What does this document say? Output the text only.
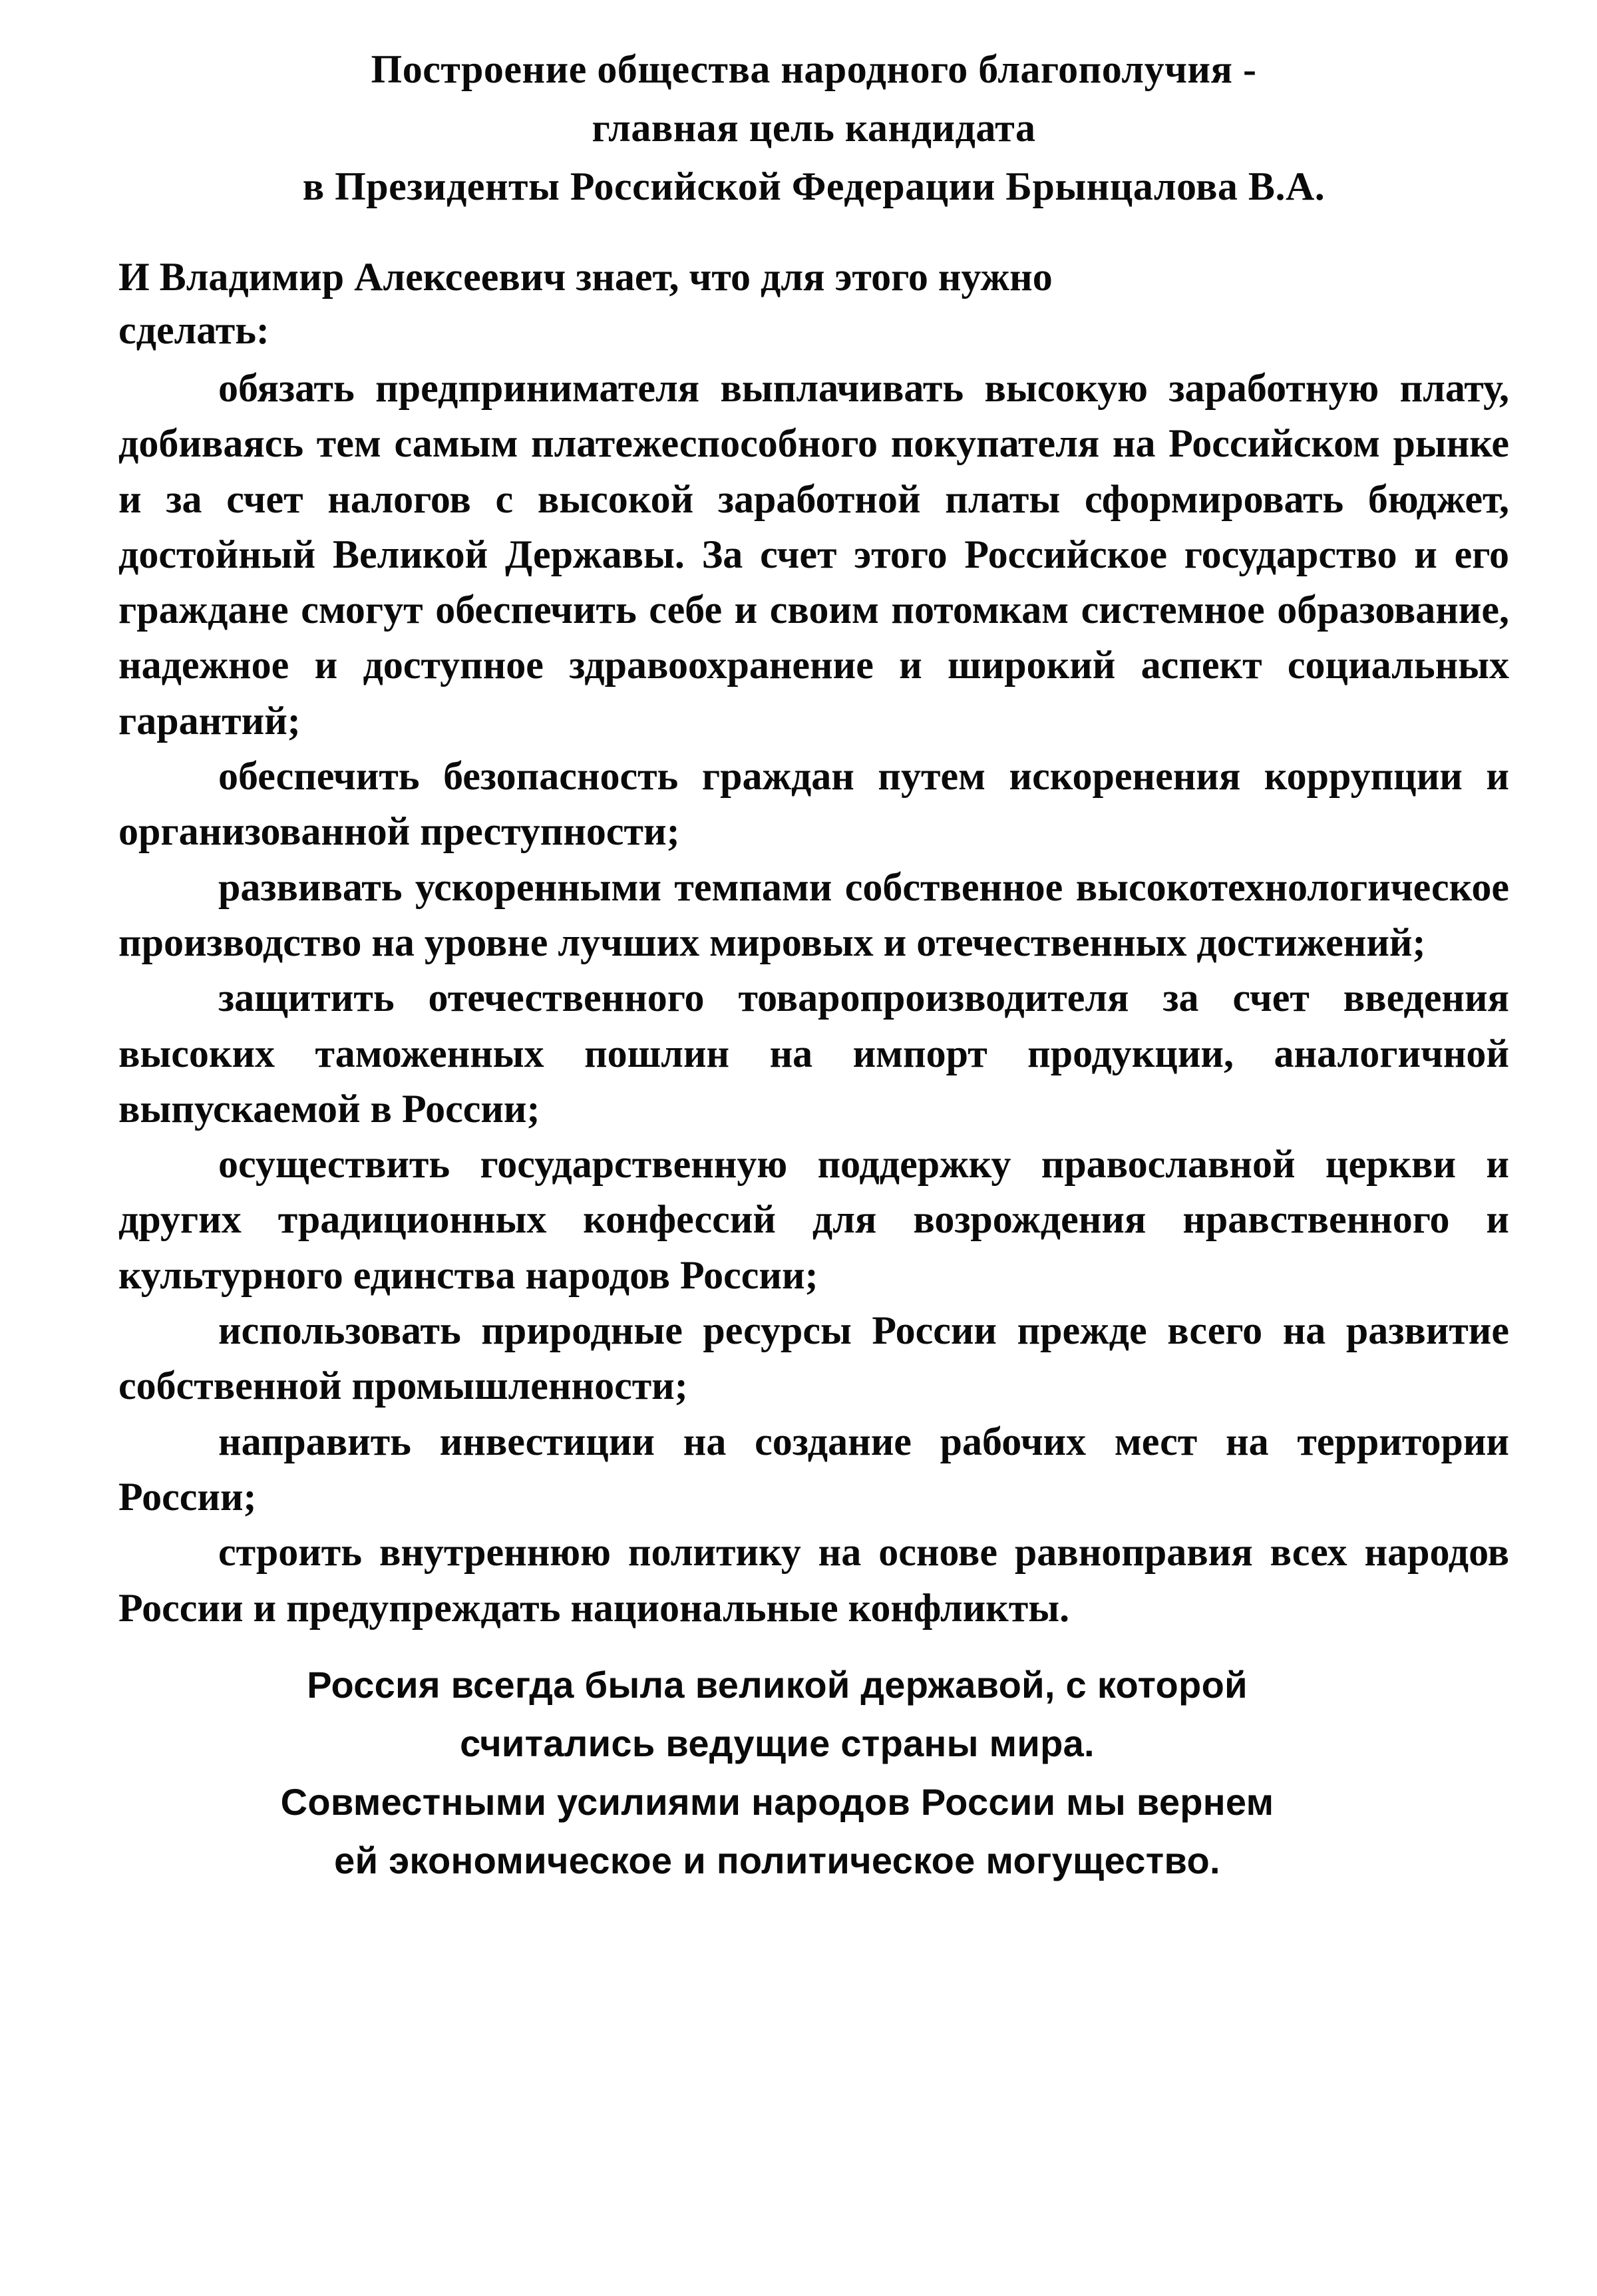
Построение общества народного благополучия -
главная цель кандидата
в Президенты Российской Федерации Брынцалова В.А.

И Владимир Алексеевич знает, что для этого нужно
сделать:

обязать предпринимателя выплачивать высокую заработную плату, добиваясь тем самым платежеспособного покупателя на Российском рынке и за счет налогов с высокой заработной платы сформировать бюджет, достойный Великой Державы. За счет этого Российское государство и его граждане смогут обеспечить себе и своим потомкам системное образование, надежное и доступное здравоохранение и широкий аспект социальных гарантий;

обеспечить безопасность граждан путем искоренения коррупции и организованной преступности;

развивать ускоренными темпами собственное высокотехнологическое производство на уровне лучших мировых и отечественных достижений;

защитить отечественного товаропроизводителя за счет введения высоких таможенных пошлин на импорт продукции, аналогичной выпускаемой в России;

осуществить государственную поддержку православной церкви и других традиционных конфессий для возрождения нравственного и культурного единства народов России;

использовать природные ресурсы России прежде всего на развитие собственной промышленности;

направить инвестиции на создание рабочих мест на территории России;

строить внутреннюю политику на основе равноправия всех народов России и предупреждать национальные конфликты.

Россия всегда была великой державой, с которой
считались ведущие страны мира.
Совместными усилиями народов России мы вернем
ей экономическое и политическое могущество.
